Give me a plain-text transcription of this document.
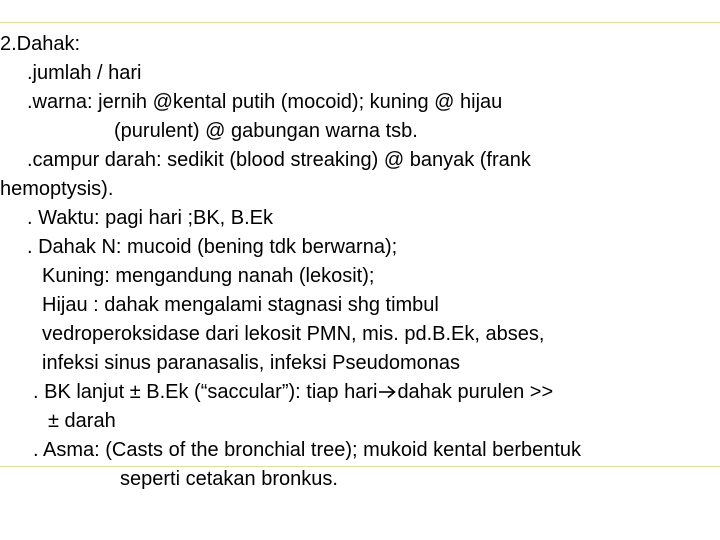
2.Dahak:
.jumlah / hari
.warna: jernih @kental putih (mocoid); kuning @ hijau
(purulent) @ gabungan warna tsb.
.campur darah: sedikit (blood streaking) @ banyak (frank
hemoptysis).
. Waktu: pagi hari ;BK, B.Ek
. Dahak N: mucoid (bening tdk berwarna);
Kuning: mengandung nanah (lekosit);
Hijau : dahak mengalami stagnasi shg timbul
vedroperoksidase dari lekosit PMN, mis. pd.B.Ek, abses,
infeksi sinus paranasalis, infeksi Pseudomonas
. BK lanjut ± B.Ek (“saccular”): tiap hari dahak purulen >>
± darah
. Asma: (Casts of the bronchial tree); mukoid kental berbentuk
seperti cetakan bronkus.
